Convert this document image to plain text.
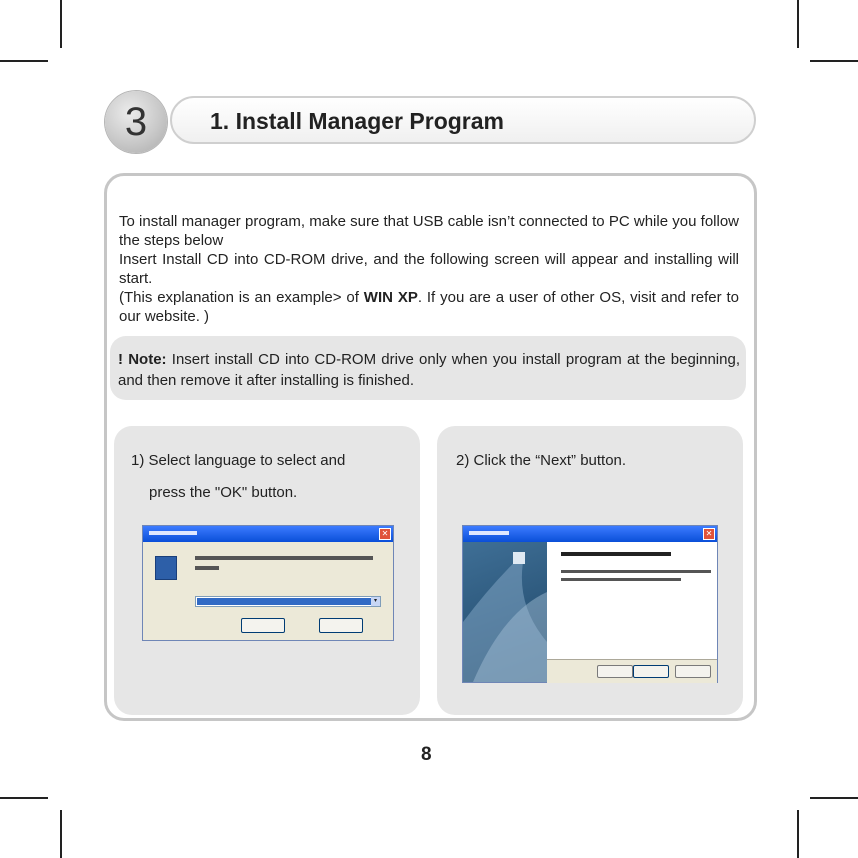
3	1. Install Manager Program

To install manager program, make sure that USB cable isn’t connected to PC while you follow the steps below

Insert Install CD into CD-ROM drive, and the following screen will appear and installing will start.

(This explanation is an example> of WIN XP. If you are a user of other OS, visit and refer to our website. )

! Note: Insert install CD into CD-ROM drive only when you install program at the beginning, and then remove it after installing is finished.
1) Select language to select and
press the "OK" button.
✕
▾
2) Click the “Next” button.
✕
8
